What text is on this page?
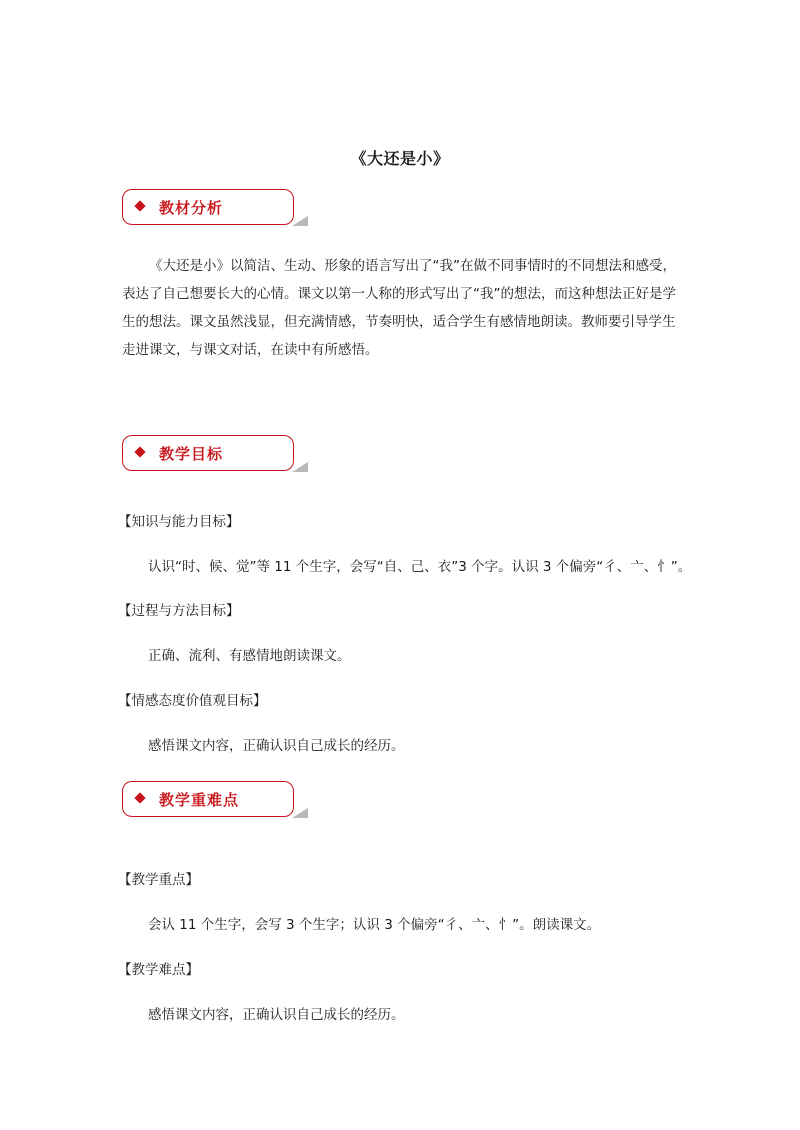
《大还是小》
教材分析
《大还是小》以简洁、生动、形象的语言写出了“我”在做不同事情时的不同想法和感受，表达了自己想要长大的心情。课文以第一人称的形式写出了“我”的想法，而这种想法正好是学生的想法。课文虽然浅显，但充满情感，节奏明快，适合学生有感情地朗读。教师要引导学生走进课文，与课文对话，在读中有所感悟。
教学目标
【知识与能力目标】
认识“时、候、觉”等 11 个生字，会写“自、己、衣”3 个字。认识 3 个偏旁“彳、亠、忄”。
【过程与方法目标】
正确、流利、有感情地朗读课文。
【情感态度价值观目标】
感悟课文内容，正确认识自己成长的经历。
教学重难点
【教学重点】
会认 11 个生字，会写 3 个生字；认识 3 个偏旁“彳、亠、忄”。朗读课文。
【教学难点】
感悟课文内容，正确认识自己成长的经历。
